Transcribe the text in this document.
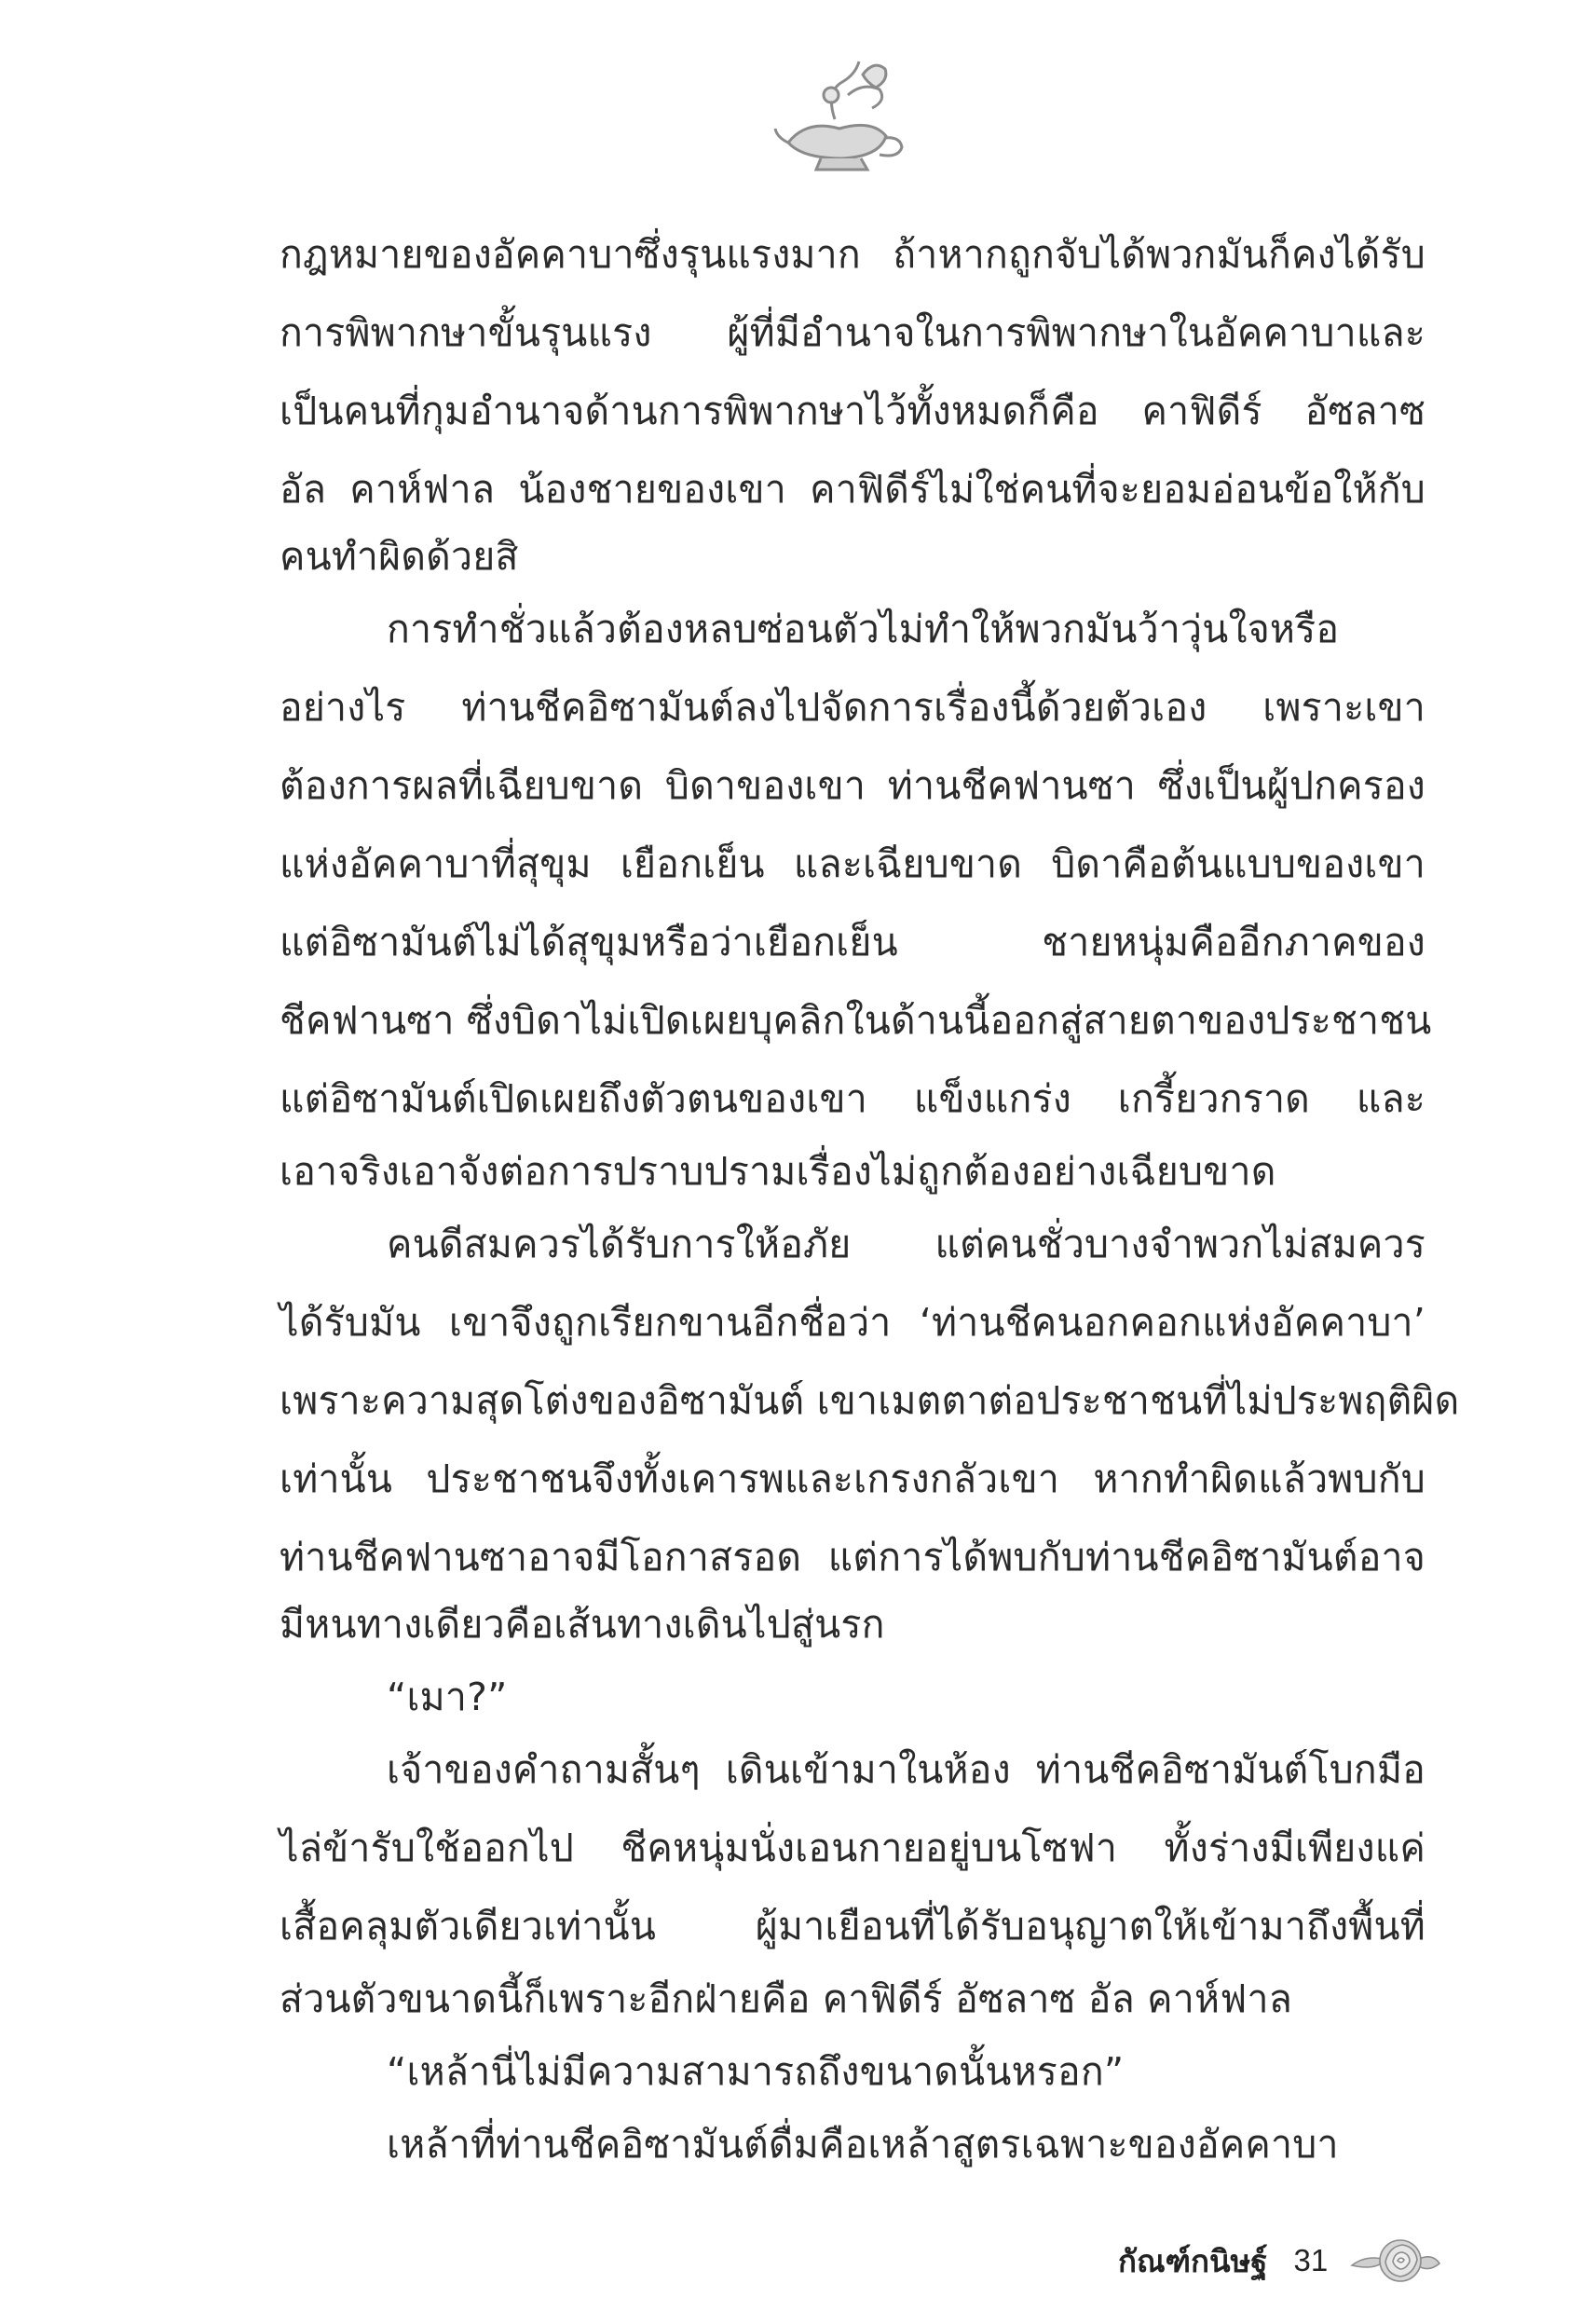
กฎหมายของอัคคาบาซึ่งรุนแรงมาก ถ้าหากถูกจับได้พวกมันก็คงได้รับ
การพิพากษาขั้นรุนแรง ผู้ที่มีอำนาจในการพิพากษาในอัคคาบาและ
เป็นคนที่กุมอำนาจด้านการพิพากษาไว้ทั้งหมดก็คือ คาฟิดีร์ อัซลาซ
อัล คาห์ฟาล น้องชายของเขา คาฟิดีร์ไม่ใช่คนที่จะยอมอ่อนข้อให้กับ
คนทำผิดด้วยสิ
การทำชั่วแล้วต้องหลบซ่อนตัวไม่ทำให้พวกมันว้าวุ่นใจหรือ
อย่างไร ท่านชีคอิซามันต์ลงไปจัดการเรื่องนี้ด้วยตัวเอง เพราะเขา
ต้องการผลที่เฉียบขาด บิดาของเขา ท่านชีคฟานซา ซึ่งเป็นผู้ปกครอง
แห่งอัคคาบาที่สุขุม เยือกเย็น และเฉียบขาด บิดาคือต้นแบบของเขา
แต่อิซามันต์ไม่ได้สุขุมหรือว่าเยือกเย็น ชายหนุ่มคืออีกภาคของ
ชีคฟานซา ซึ่งบิดาไม่เปิดเผยบุคลิกในด้านนี้ออกสู่สายตาของประชาชน
แต่อิซามันต์เปิดเผยถึงตัวตนของเขา แข็งแกร่ง เกรี้ยวกราด และ
เอาจริงเอาจังต่อการปราบปรามเรื่องไม่ถูกต้องอย่างเฉียบขาด
คนดีสมควรได้รับการให้อภัย แต่คนชั่วบางจำพวกไม่สมควร
ได้รับมัน เขาจึงถูกเรียกขานอีกชื่อว่า ‘ท่านชีคนอกคอกแห่งอัคคาบา’
เพราะความสุดโต่งของอิซามันต์ เขาเมตตาต่อประชาชนที่ไม่ประพฤติผิด
เท่านั้น ประชาชนจึงทั้งเคารพและเกรงกลัวเขา หากทำผิดแล้วพบกับ
ท่านชีคฟานซาอาจมีโอกาสรอด แต่การได้พบกับท่านชีคอิซามันต์อาจ
มีหนทางเดียวคือเส้นทางเดินไปสู่นรก
“เมา?”
เจ้าของคำถามสั้นๆ เดินเข้ามาในห้อง ท่านชีคอิซามันต์โบกมือ
ไล่ข้ารับใช้ออกไป ชีคหนุ่มนั่งเอนกายอยู่บนโซฟา ทั้งร่างมีเพียงแค่
เสื้อคลุมตัวเดียวเท่านั้น ผู้มาเยือนที่ได้รับอนุญาตให้เข้ามาถึงพื้นที่
ส่วนตัวขนาดนี้ก็เพราะอีกฝ่ายคือ คาฟิดีร์ อัซลาซ อัล คาห์ฟาล
“เหล้านี่ไม่มีความสามารถถึงขนาดนั้นหรอก”
เหล้าที่ท่านชีคอิซามันต์ดื่มคือเหล้าสูตรเฉพาะของอัคคาบา
กัณฑ์กนิษฐ์ 31
